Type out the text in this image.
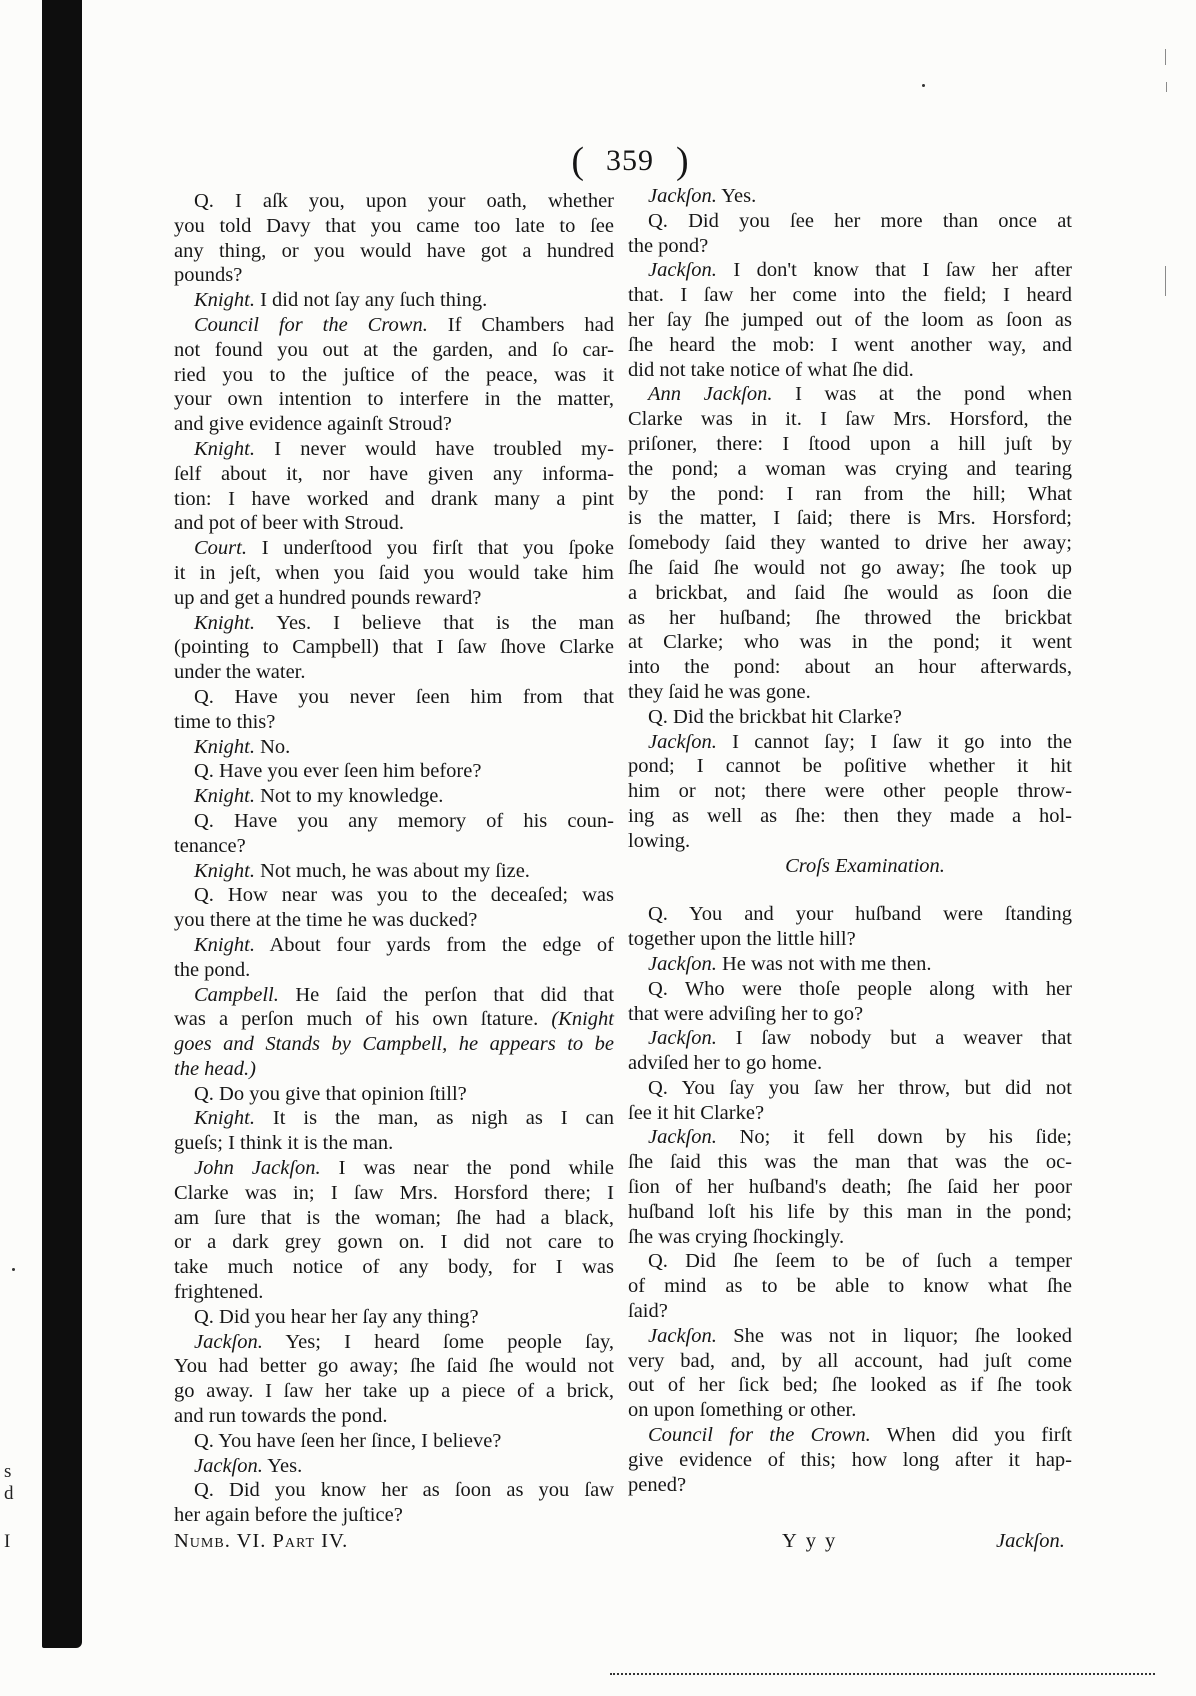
( 359 )
Q. I aſk you, upon your oath, whether
you told Davy that you came too late to ſee
any thing, or you would have got a hundred
pounds?
Knight. I did not ſay any ſuch thing.
Council for the Crown. If Chambers had
not found you out at the garden, and ſo car-
ried you to the juſtice of the peace, was it
your own intention to interfere in the matter,
and give evidence againſt Stroud?
Knight. I never would have troubled my-
ſelf about it, nor have given any informa-
tion: I have worked and drank many a pint
and pot of beer with Stroud.
Court. I underſtood you firſt that you ſpoke
it in jeſt, when you ſaid you would take him
up and get a hundred pounds reward?
Knight. Yes. I believe that is the man
(pointing to Campbell) that I ſaw ſhove Clarke
under the water.
Q. Have you never ſeen him from that
time to this?
Knight. No.
Q. Have you ever ſeen him before?
Knight. Not to my knowledge.
Q. Have you any memory of his coun-
tenance?
Knight. Not much, he was about my ſize.
Q. How near was you to the deceaſed; was
you there at the time he was ducked?
Knight. About four yards from the edge of
the pond.
Campbell. He ſaid the perſon that did that
was a perſon much of his own ſtature. (Knight
goes and Stands by Campbell, he appears to be
the head.)
Q. Do you give that opinion ſtill?
Knight. It is the man, as nigh as I can
gueſs; I think it is the man.
John Jackſon. I was near the pond while
Clarke was in; I ſaw Mrs. Horsford there; I
am ſure that is the woman; ſhe had a black,
or a dark grey gown on. I did not care to
take much notice of any body, for I was
frightened.
Q. Did you hear her ſay any thing?
Jackſon. Yes; I heard ſome people ſay,
You had better go away; ſhe ſaid ſhe would not
go away. I ſaw her take up a piece of a brick,
and run towards the pond.
Q. You have ſeen her ſince, I believe?
Jackſon. Yes.
Q. Did you know her as ſoon as you ſaw
her again before the juſtice?
Jackſon. Yes.
Q. Did you ſee her more than once at
the pond?
Jackſon. I don't know that I ſaw her after
that. I ſaw her come into the field; I heard
her ſay ſhe jumped out of the loom as ſoon as
ſhe heard the mob: I went another way, and
did not take notice of what ſhe did.
Ann Jackſon. I was at the pond when
Clarke was in it. I ſaw Mrs. Horsford, the
priſoner, there: I ſtood upon a hill juſt by
the pond; a woman was crying and tearing
by the pond: I ran from the hill; What
is the matter, I ſaid; there is Mrs. Horsford;
ſomebody ſaid they wanted to drive her away;
ſhe ſaid ſhe would not go away; ſhe took up
a brickbat, and ſaid ſhe would as ſoon die
as her huſband; ſhe throwed the brickbat
at Clarke; who was in the pond; it went
into the pond: about an hour afterwards,
they ſaid he was gone.
Q. Did the brickbat hit Clarke?
Jackſon. I cannot ſay; I ſaw it go into the
pond; I cannot be poſitive whether it hit
him or not; there were other people throw-
ing as well as ſhe: then they made a hol-
lowing.
Croſs Examination.
Q. You and your huſband were ſtanding
together upon the little hill?
Jackſon. He was not with me then.
Q. Who were thoſe people along with her
that were adviſing her to go?
Jackſon. I ſaw nobody but a weaver that
adviſed her to go home.
Q. You ſay you ſaw her throw, but did not
ſee it hit Clarke?
Jackſon. No; it fell down by his ſide;
ſhe ſaid this was the man that was the oc-
ſion of her huſband's death; ſhe ſaid her poor
huſband loſt his life by this man in the pond;
ſhe was crying ſhockingly.
Q. Did ſhe ſeem to be of ſuch a temper
of mind as to be able to know what ſhe
ſaid?
Jackſon. She was not in liquor; ſhe looked
very bad, and, by all account, had juſt come
out of her ſick bed; ſhe looked as if ſhe took
on upon ſomething or other.
Council for the Crown. When did you firſt
give evidence of this; how long after it hap-
pened?
Numb. VI. Part IV.	Yyy	Jackſon.
s
d
I
